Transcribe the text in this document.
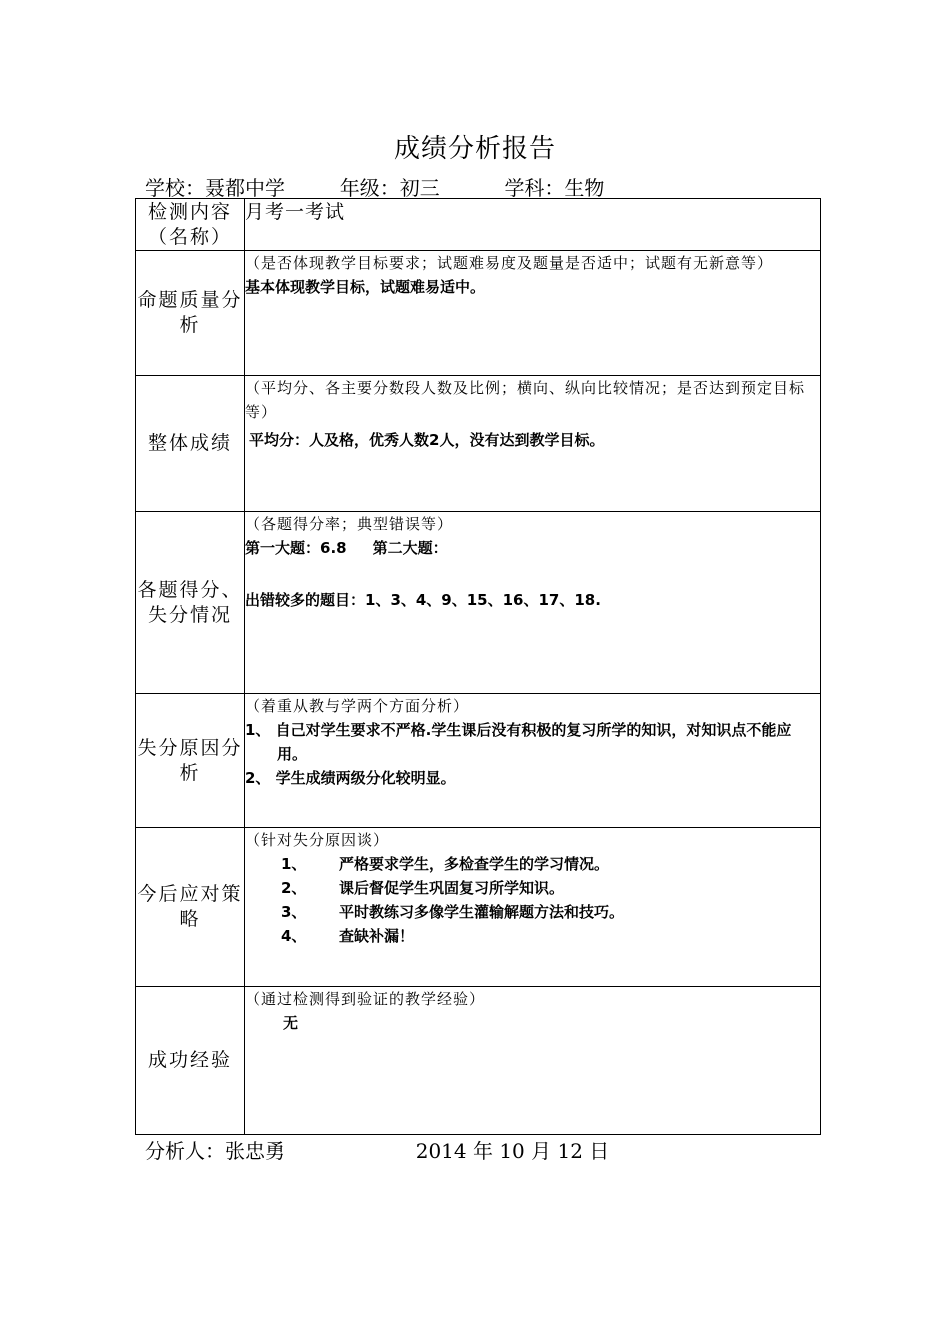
成绩分析报告
学校：聂都中学	年级：初三	学科：生物
检测内容（名称）	月考一考试

命题质量分析	（是否体现教学目标要求；试题难易度及题量是否适中；试题有无新意等）
基本体现教学目标，试题难易适中。

整体成绩	（平均分、各主要分数段人数及比例；横向、纵向比较情况；是否达到预定目标等）
平均分：人及格，优秀人数2人，没有达到教学目标。

各题得分、失分情况	（各题得分率；典型错误等）
第一大题：6.8     第二大题：
出错较多的题目：1、3、4、9、15、16、17、18.

失分原因分析	（着重从教与学两个方面分析）
1、 自己对学生要求不严格.学生课后没有积极的复习所学的知识，对知识点不能应用。
2、 学生成绩两级分化较明显。

今后应对策略	（针对失分原因谈）
1、 严格要求学生，多检查学生的学习情况。
2、 课后督促学生巩固复习所学知识。
3、 平时教练习多像学生灌输解题方法和技巧。
4、 查缺补漏！

成功经验	（通过检测得到验证的教学经验）
无
分析人：张忠勇	2014 年 10 月 12 日
